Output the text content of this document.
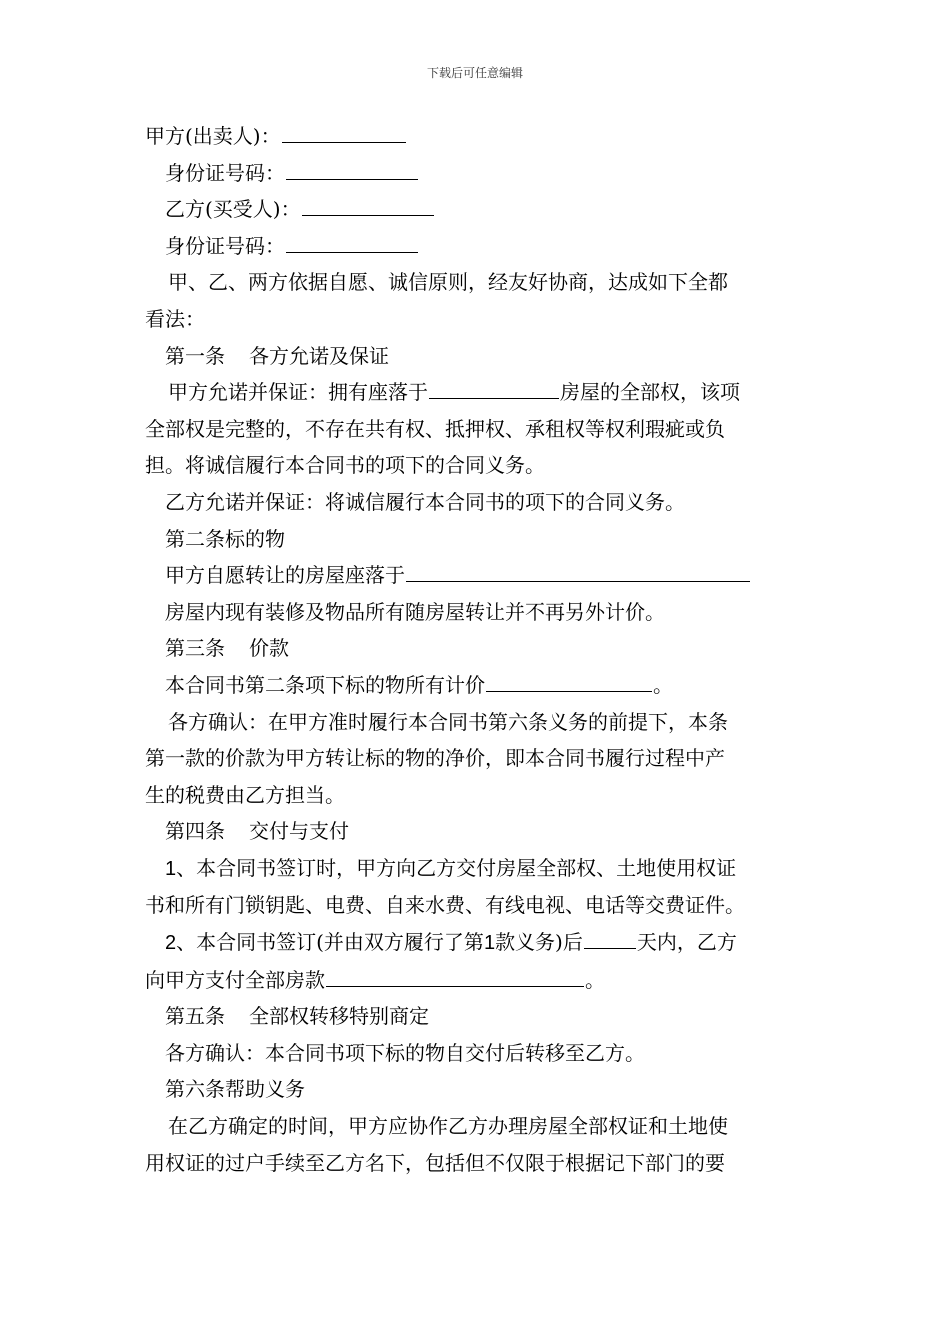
下载后可任意编辑
甲方(出卖人)：
身份证号码：
乙方(买受人)：
身份证号码：
甲、乙、两方依据自愿、诚信原则，经友好协商，达成如下全都
看法：
第一条 各方允诺及保证
甲方允诺并保证：拥有座落于	房屋的全部权，该项
全部权是完整的，不存在共有权、抵押权、承租权等权利瑕疵或负
担。将诚信履行本合同书的项下的合同义务。
乙方允诺并保证：将诚信履行本合同书的项下的合同义务。
第二条标的物
甲方自愿转让的房屋座落于
房屋内现有装修及物品所有随房屋转让并不再另外计价。
第三条 价款
本合同书第二条项下标的物所有计价	。
各方确认：在甲方准时履行本合同书第六条义务的前提下，本条
第一款的价款为甲方转让标的物的净价，即本合同书履行过程中产
生的税费由乙方担当。
第四条 交付与支付
1、本合同书签订时，甲方向乙方交付房屋全部权、土地使用权证
书和所有门锁钥匙、电费、自来水费、有线电视、电话等交费证件。
2、本合同书签订(并由双方履行了第1款义务)后	天内，乙方
向甲方支付全部房款	。
第五条 全部权转移特别商定
各方确认：本合同书项下标的物自交付后转移至乙方。
第六条帮助义务
在乙方确定的时间，甲方应协作乙方办理房屋全部权证和土地使
用权证的过户手续至乙方名下，包括但不仅限于根据记下部门的要
